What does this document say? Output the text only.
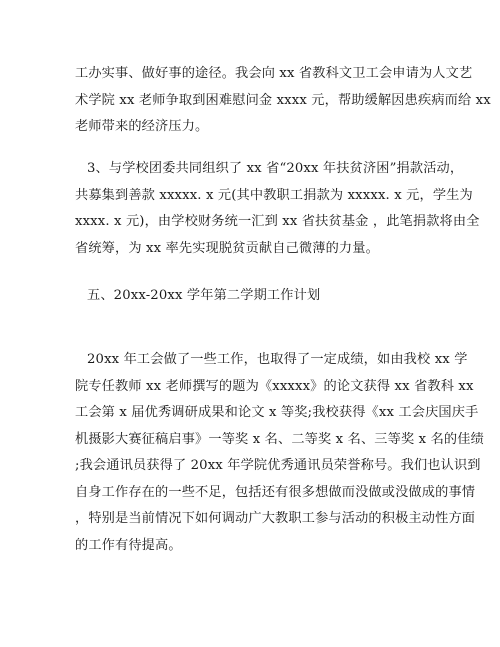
工办实事、做好事的途径。我会向 xx 省教科文卫工会申请为人文艺
术学院 xx 老师争取到困难慰问金 xxxx 元，帮助缓解因患疾病而给 xx
老师带来的经济压力。
3、与学校团委共同组织了 xx 省“20xx 年扶贫济困”捐款活动，
共募集到善款 xxxxx. x 元(其中教职工捐款为 xxxxx. x 元，学生为
xxxx. x 元)，由学校财务统一汇到 xx 省扶贫基金 ，此笔捐款将由全
省统筹，为 xx 率先实现脱贫贡献自己微薄的力量。
五、20xx-20xx 学年第二学期工作计划
20xx 年工会做了一些工作，也取得了一定成绩，如由我校 xx 学
院专任教师 xx 老师撰写的题为《xxxxx》的论文获得 xx 省教科 xx
工会第 x 届优秀调研成果和论文 x 等奖;我校获得《xx 工会庆国庆手
机摄影大赛征稿启事》一等奖 x 名、二等奖 x 名、三等奖 x 名的佳绩
;我会通讯员获得了 20xx 年学院优秀通讯员荣誉称号。我们也认识到
自身工作存在的一些不足，包括还有很多想做而没做或没做成的事情
，特别是当前情况下如何调动广大教职工参与活动的积极主动性方面
的工作有待提高。
